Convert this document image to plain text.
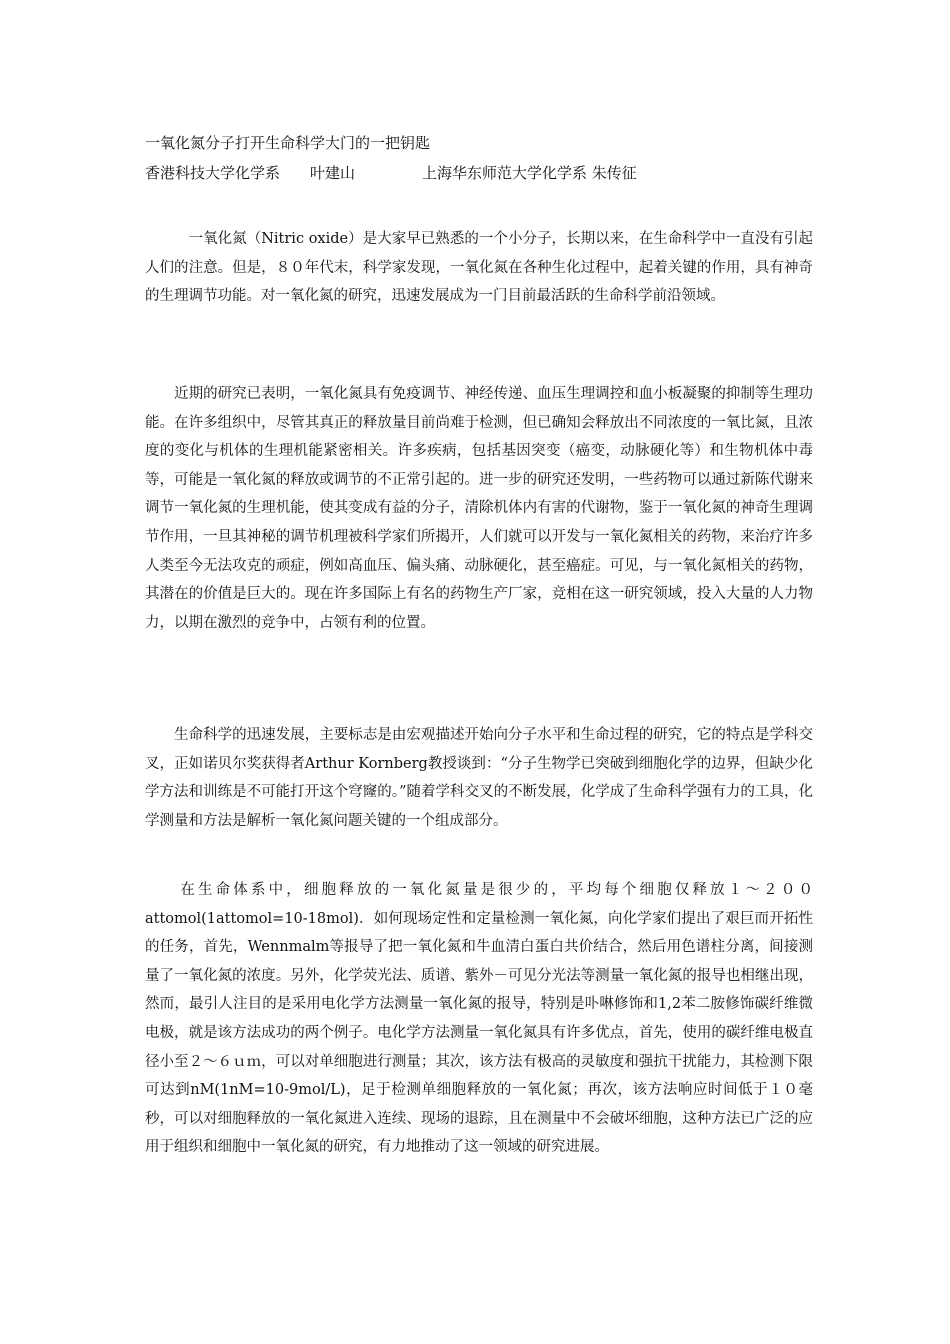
一氧化氮分子打开生命科学大门的一把钥匙
香港科技大学化学系 叶建山	上海华东师范大学化学系 朱传征

　　　一氧化氮（Nitric oxide）是大家早已熟悉的一个小分子，长期以来，在生命科学中一直没有引起人们的注意。但是，８０年代末，科学家发现，一氧化氮在各种生化过程中，起着关键的作用，具有神奇的生理调节功能。对一氧化氮的研究，迅速发展成为一门目前最活跃的生命科学前沿领域。

　　近期的研究已表明，一氧化氮具有免疫调节、神经传递、血压生理调控和血小板凝聚的抑制等生理功能。在许多组织中，尽管其真正的释放量目前尚难于检测，但已确知会释放出不同浓度的一氧比氮，且浓度的变化与机体的生理机能紧密相关。许多疾病，包括基因突变（癌变，动脉硬化等）和生物机体中毒等，可能是一氧化氮的释放或调节的不正常引起的。进一步的研究还发明，一些药物可以通过新陈代谢来调节一氧化氮的生理机能，使其变成有益的分子，清除机体内有害的代谢物，鉴于一氧化氮的神奇生理调节作用，一旦其神秘的调节机理被科学家们所揭开，人们就可以开发与一氧化氮相关的药物，来治疗许多人类至今无法攻克的顽症，例如高血压、偏头痛、动脉硬化，甚至癌症。可见，与一氧化氮相关的药物，其潜在的价值是巨大的。现在许多国际上有名的药物生产厂家，竞相在这一研究领域，投入大量的人力物力，以期在激烈的竞争中，占领有利的位置。

　　生命科学的迅速发展，主要标志是由宏观描述开始向分子水平和生命过程的研究，它的特点是学科交叉，正如诺贝尔奖获得者Arthur Kornberg教授谈到：“分子生物学已突破到细胞化学的边界，但缺少化学方法和训练是不可能打开这个穹窿的。”随着学科交叉的不断发展，化学成了生命科学强有力的工具，化学测量和方法是解析一氧化氮问题关键的一个组成部分。

　　在生命体系中，细胞释放的一氧化氮量是很少的，平均每个细胞仅释放１～２００attomol(1attomol=10-18mol)．如何现场定性和定量检测一氧化氮，向化学家们提出了艰巨而开拓性的任务，首先，Wennmalm等报导了把一氧化氮和牛血清白蛋白共价结合，然后用色谱柱分离，间接测量了一氧化氮的浓度。另外，化学荧光法、质谱、紫外－可见分光法等测量一氧化氮的报导也相继出现，然而，最引人注目的是采用电化学方法测量一氧化氮的报导，特别是卟啉修饰和1,2苯二胺修饰碳纤维微电极，就是该方法成功的两个例子。电化学方法测量一氧化氮具有许多优点，首先，使用的碳纤维电极直径小至２～６ｕｍ，可以对单细胞进行测量；其次，该方法有极高的灵敏度和强抗干扰能力，其检测下限可达到nM(1nM=10-9mol/L)，足于检测单细胞释放的一氧化氮；再次，该方法响应时间低于１０毫秒，可以对细胞释放的一氧化氮进入连续、现场的退踪，且在测量中不会破坏细胞，这种方法已广泛的应用于组织和细胞中一氧化氮的研究，有力地推动了这一领域的研究进展。
